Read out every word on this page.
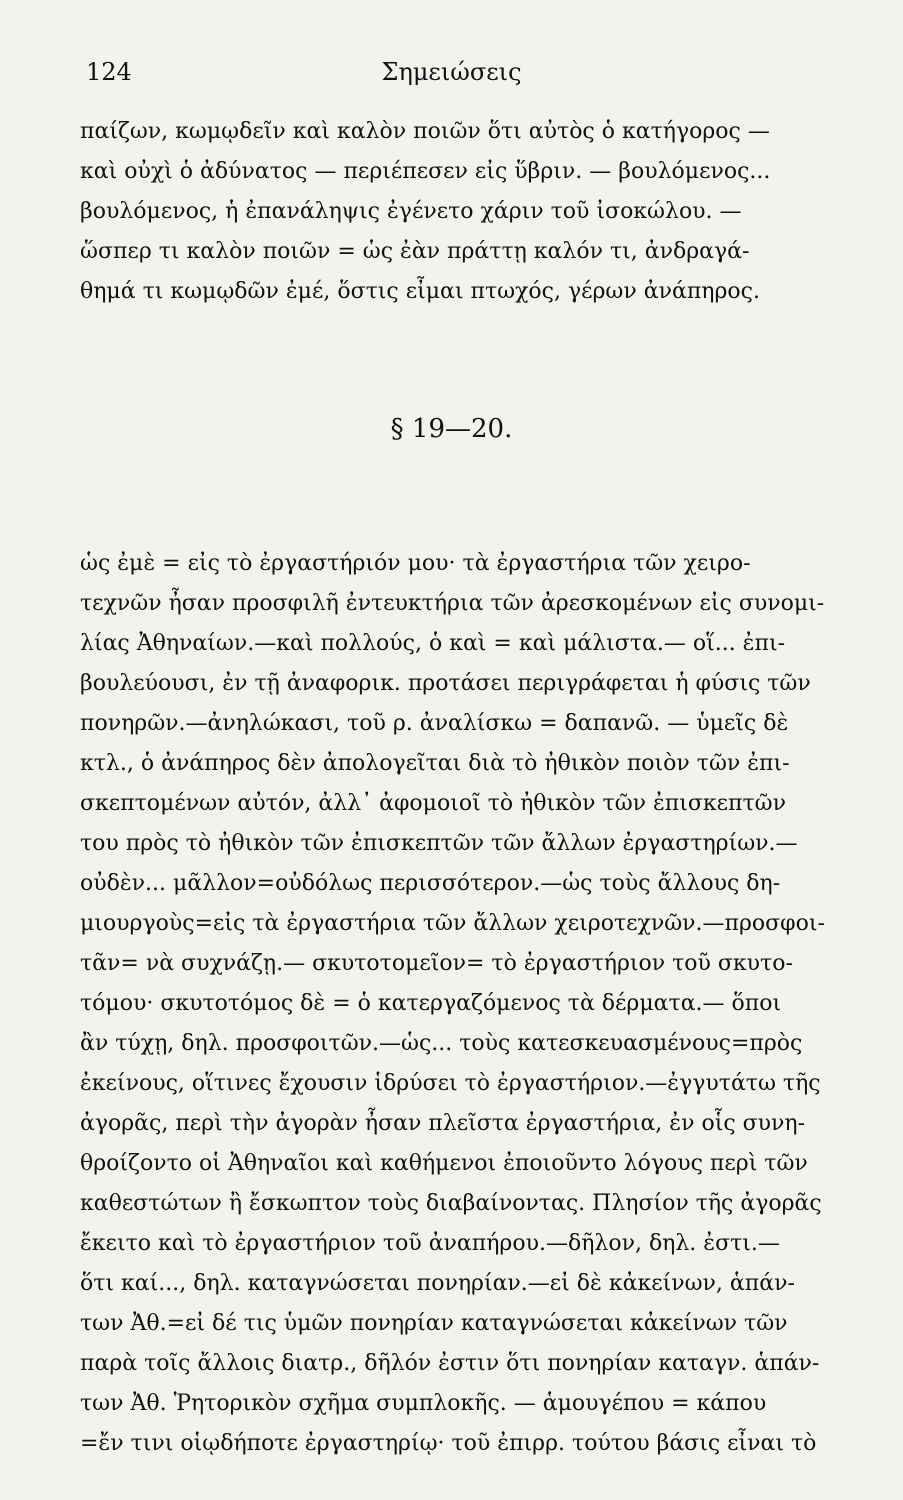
124	Σημειώσεις
παίζων, κωμῳδεῖν καὶ καλὸν ποιῶν ὅτι αὐτὸς ὁ κατήγορος —
καὶ οὐχὶ ὁ ἀδύνατος — περιέπεσεν εἰς ὕβριν. — βουλόμενος...
βουλόμενος, ἡ ἐπανάληψις ἐγένετο χάριν τοῦ ἰσοκώλου. —
ὥσπερ τι καλὸν ποιῶν = ὡς ἐὰν πράττῃ καλόν τι, ἀνδραγά-
θημά τι κωμῳδῶν ἐμέ, ὅστις εἶμαι πτωχός, γέρων ἀνάπηρος.
§ 19—20.
ὡς ἐμὲ = εἰς τὸ ἐργαστήριόν μου· τὰ ἐργαστήρια τῶν χειρο-
τεχνῶν ἦσαν προσφιλῆ ἐντευκτήρια τῶν ἀρεσκομένων εἰς συνομι-
λίας Ἀθηναίων.—καὶ πολλούς, ὁ καὶ = καὶ μάλιστα.— οἵ... ἐπι-
βουλεύουσι, ἐν τῇ ἀναφορικ. προτάσει περιγράφεται ἡ φύσις τῶν
πονηρῶν.—ἀνηλώκασι, τοῦ ρ. ἀναλίσκω = δαπανῶ. — ὑμεῖς δὲ
κτλ., ὁ ἀνάπηρος δὲν ἀπολογεῖται διὰ τὸ ἠθικὸν ποιὸν τῶν ἐπι-
σκεπτομένων αὐτόν, ἀλλ᾽ ἀφομοιοῖ τὸ ἠθικὸν τῶν ἐπισκεπτῶν
του πρὸς τὸ ἠθικὸν τῶν ἐπισκεπτῶν τῶν ἄλλων ἐργαστηρίων.—
οὐδὲν... μᾶλλον=οὐδόλως περισσότερον.—ὡς τοὺς ἄλλους δη-
μιουργοὺς=εἰς τὰ ἐργαστήρια τῶν ἄλλων χειροτεχνῶν.—προσφοι-
τᾶν= νὰ συχνάζῃ.— σκυτοτομεῖον= τὸ ἐργαστήριον τοῦ σκυτο-
τόμου· σκυτοτόμος δὲ = ὁ κατεργαζόμενος τὰ δέρματα.— ὅποι
ἂν τύχῃ, δηλ. προσφοιτῶν.—ὡς... τοὺς κατεσκευασμένους=πρὸς
ἐκείνους, οἵτινες ἔχουσιν ἱδρύσει τὸ ἐργαστήριον.—ἐγγυτάτω τῆς
ἀγορᾶς, περὶ τὴν ἀγορὰν ἦσαν πλεῖστα ἐργαστήρια, ἐν οἷς συνη-
θροίζοντο οἱ Ἀθηναῖοι καὶ καθήμενοι ἐποιοῦντο λόγους περὶ τῶν
καθεστώτων ἢ ἔσκωπτον τοὺς διαβαίνοντας. Πλησίον τῆς ἀγορᾶς
ἔκειτο καὶ τὸ ἐργαστήριον τοῦ ἀναπήρου.—δῆλον, δηλ. ἐστι.—
ὅτι καί..., δηλ. καταγνώσεται πονηρίαν.—εἰ δὲ κἀκείνων, ἁπάν-
των Ἀθ.=εἰ δέ τις ὑμῶν πονηρίαν καταγνώσεται κἀκείνων τῶν
παρὰ τοῖς ἄλλοις διατρ., δῆλόν ἐστιν ὅτι πονηρίαν καταγν. ἁπάν-
των Ἀθ. Ῥητορικὸν σχῆμα συμπλοκῆς. — ἁμουγέπου = κάπου
=ἔν τινι οἱῳδήποτε ἐργαστηρίῳ· τοῦ ἐπιρρ. τούτου βάσις εἶναι τὸ
